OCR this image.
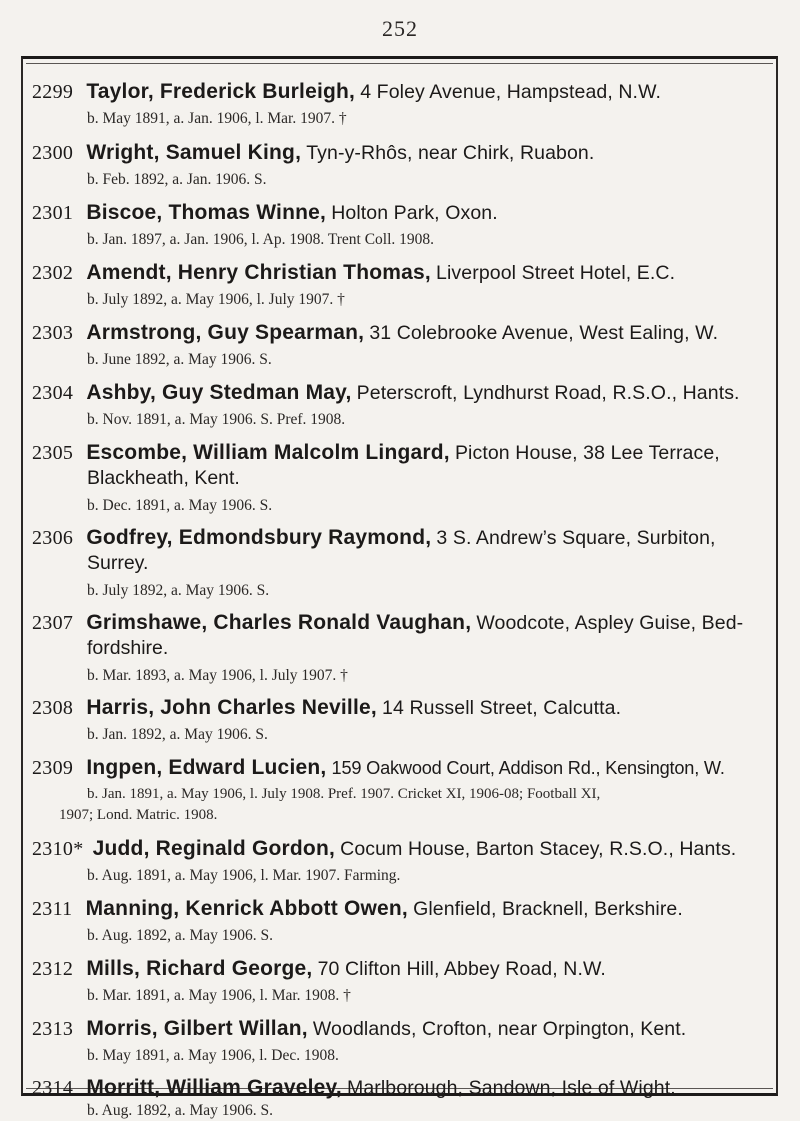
252
2299 Taylor, Frederick Burleigh, 4 Foley Avenue, Hampstead, N.W.
b. May 1891, a. Jan. 1906, l. Mar. 1907. †
2300 Wright, Samuel King, Tyn-y-Rhôs, near Chirk, Ruabon.
b. Feb. 1892, a. Jan. 1906. S.
2301 Biscoe, Thomas Winne, Holton Park, Oxon.
b. Jan. 1897, a. Jan. 1906, l. Ap. 1908. Trent Coll. 1908.
2302 Amendt, Henry Christian Thomas, Liverpool Street Hotel, E.C.
b. July 1892, a. May 1906, l. July 1907. †
2303 Armstrong, Guy Spearman, 31 Colebrooke Avenue, West Ealing, W.
b. June 1892, a. May 1906. S.
2304 Ashby, Guy Stedman May, Peterscroft, Lyndhurst Road, R.S.O., Hants.
b. Nov. 1891, a. May 1906. S. Pref. 1908.
2305 Escombe, William Malcolm Lingard, Picton House, 38 Lee Terrace,
Blackheath, Kent.
b. Dec. 1891, a. May 1906. S.
2306 Godfrey, Edmondsbury Raymond, 3 S. Andrew’s Square, Surbiton,
Surrey.
b. July 1892, a. May 1906. S.
2307 Grimshawe, Charles Ronald Vaughan, Woodcote, Aspley Guise, Bed-
fordshire.
b. Mar. 1893, a. May 1906, l. July 1907. †
2308 Harris, John Charles Neville, 14 Russell Street, Calcutta.
b. Jan. 1892, a. May 1906. S.
2309 Ingpen, Edward Lucien, 159 Oakwood Court, Addison Rd., Kensington, W.
b. Jan. 1891, a. May 1906, l. July 1908. Pref. 1907. Cricket XI, 1906-08; Football XI,
1907; Lond. Matric. 1908.
2310* Judd, Reginald Gordon, Cocum House, Barton Stacey, R.S.O., Hants.
b. Aug. 1891, a. May 1906, l. Mar. 1907. Farming.
2311 Manning, Kenrick Abbott Owen, Glenfield, Bracknell, Berkshire.
b. Aug. 1892, a. May 1906. S.
2312 Mills, Richard George, 70 Clifton Hill, Abbey Road, N.W.
b. Mar. 1891, a. May 1906, l. Mar. 1908. †
2313 Morris, Gilbert Willan, Woodlands, Crofton, near Orpington, Kent.
b. May 1891, a. May 1906, l. Dec. 1908.
2314 Morritt, William Graveley, Marlborough, Sandown, Isle of Wight.
b. Aug. 1892, a. May 1906. S.
